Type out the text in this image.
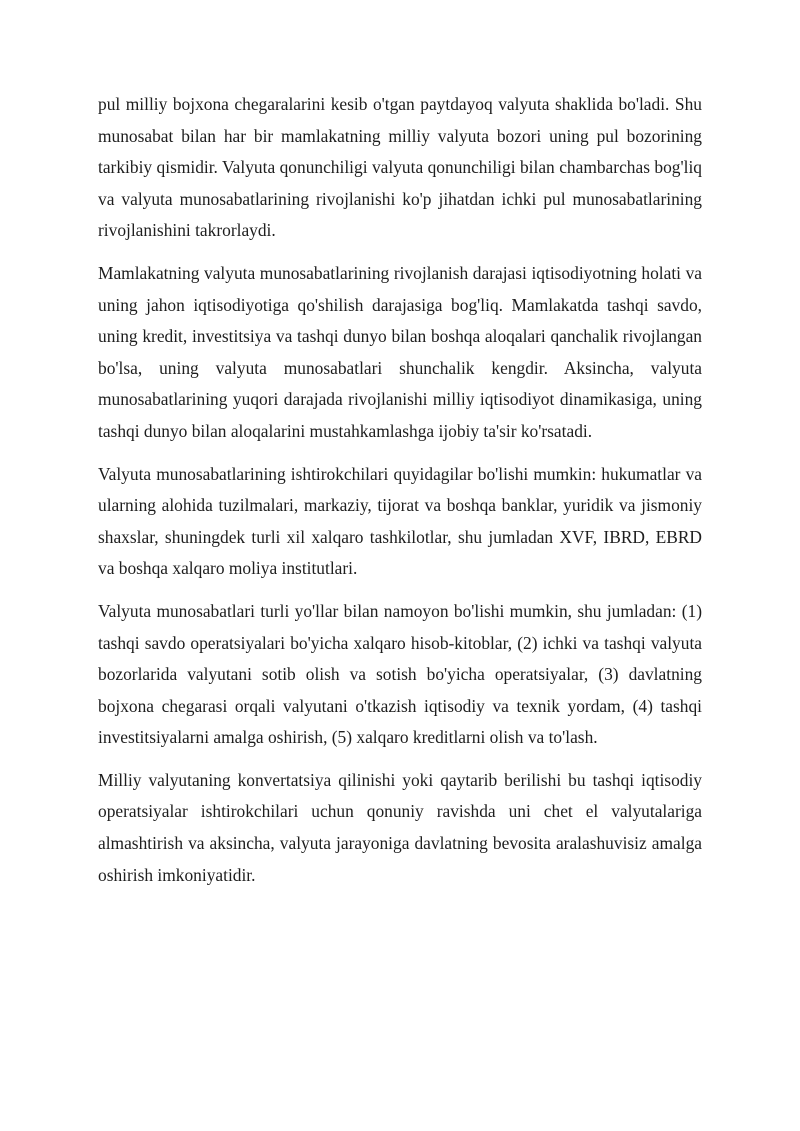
pul milliy bojxona chegaralarini kesib o'tgan paytdayoq valyuta shaklida bo'ladi. Shu munosabat bilan har bir mamlakatning milliy valyuta bozori uning pul bozorining tarkibiy qismidir. Valyuta qonunchiligi valyuta qonunchiligi bilan chambarchas bog'liq va valyuta munosabatlarining rivojlanishi ko'p jihatdan ichki pul munosabatlarining rivojlanishini takrorlaydi.

Mamlakatning valyuta munosabatlarining rivojlanish darajasi iqtisodiyotning holati va uning jahon iqtisodiyotiga qo'shilish darajasiga bog'liq. Mamlakatda tashqi savdo, uning kredit, investitsiya va tashqi dunyo bilan boshqa aloqalari qanchalik rivojlangan bo'lsa, uning valyuta munosabatlari shunchalik kengdir. Aksincha, valyuta munosabatlarining yuqori darajada rivojlanishi milliy iqtisodiyot dinamikasiga, uning tashqi dunyo bilan aloqalarini mustahkamlashga ijobiy ta'sir ko'rsatadi.

Valyuta munosabatlarining ishtirokchilari quyidagilar bo'lishi mumkin: hukumatlar va ularning alohida tuzilmalari, markaziy, tijorat va boshqa banklar, yuridik va jismoniy shaxslar, shuningdek turli xil xalqaro tashkilotlar, shu jumladan XVF, IBRD, EBRD va boshqa xalqaro moliya institutlari.

Valyuta munosabatlari turli yo'llar bilan namoyon bo'lishi mumkin, shu jumladan: (1) tashqi savdo operatsiyalari bo'yicha xalqaro hisob-kitoblar, (2) ichki va tashqi valyuta bozorlarida valyutani sotib olish va sotish bo'yicha operatsiyalar, (3) davlatning bojxona chegarasi orqali valyutani o'tkazish iqtisodiy va texnik yordam, (4) tashqi investitsiyalarni amalga oshirish, (5) xalqaro kreditlarni olish va to'lash.

Milliy valyutaning konvertatsiya qilinishi yoki qaytarib berilishi bu tashqi iqtisodiy operatsiyalar ishtirokchilari uchun qonuniy ravishda uni chet el valyutalariga almashtirish va aksincha, valyuta jarayoniga davlatning bevosita aralashuvisiz amalga oshirish imkoniyatidir.
